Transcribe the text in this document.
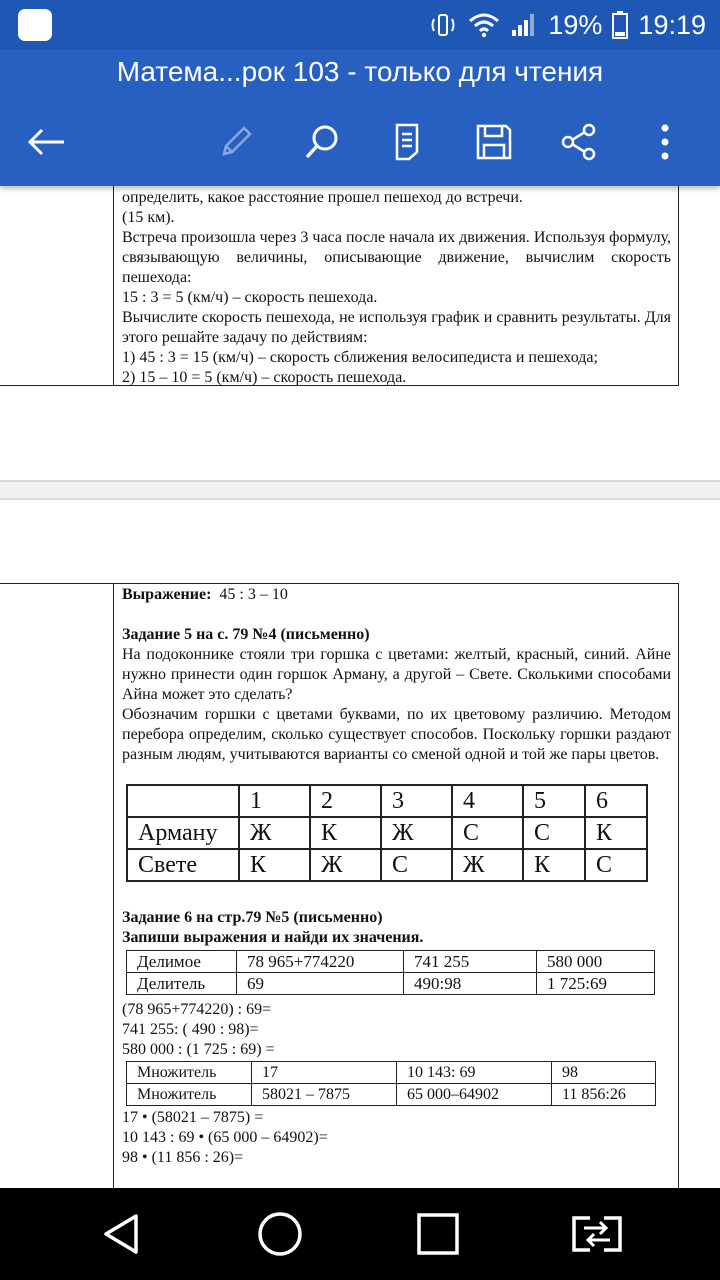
19% 19:19
Матема...рок 103 - только для чтения

определить, какое расстояние прошел пешеход до встречи.

(15 км).

Встреча произошла через 3 часа после начала их движения. Используя формулу, связывающую величины, описывающие движение, вычислим скорость пешехода:

15 : 3 = 5 (км/ч) – скорость пешехода.

Вычислите скорость пешехода, не используя график и сравнить результаты. Для этого решайте задачу по действиям:

1) 45 : 3 = 15 (км/ч) – скорость сближения велосипедиста и пешехода;

2) 15 – 10 = 5 (км/ч) – скорость пешехода.

Выражение: 45 : 3 – 10

Задание 5 на с. 79 №4 (письменно)

На подоконнике стояли три горшка с цветами: желтый, красный, синий. Айне нужно принести один горшок Арману, а другой – Свете. Сколькими способами Айна может это сделать?

Обозначим горшки с цветами буквами, по их цветовому различию. Методом перебора определим, сколько существует способов. Поскольку горшки раздают разным людям, учитываются варианты со сменой одной и той же пары цветов.

	1	2	3	4	5	6
Арману	Ж	К	Ж	С	С	К
Свете	К	Ж	С	Ж	К	С

Задание 6 на стр.79 №5 (письменно)

Запиши выражения и найди их значения.

Делимое	78 965+774220	741 255	580 000
Делитель	69	490:98	1 725:69

(78 965+774220) : 69=

741 255: ( 490 : 98)=

580 000 : (1 725 : 69) =

Множитель	17	10 143: 69	98
Множитель	58021 – 7875	65 000–64902	11 856:26

17 • (58021 – 7875) =

10 143 : 69 • (65 000 – 64902)=

98 • (11 856 : 26)=
